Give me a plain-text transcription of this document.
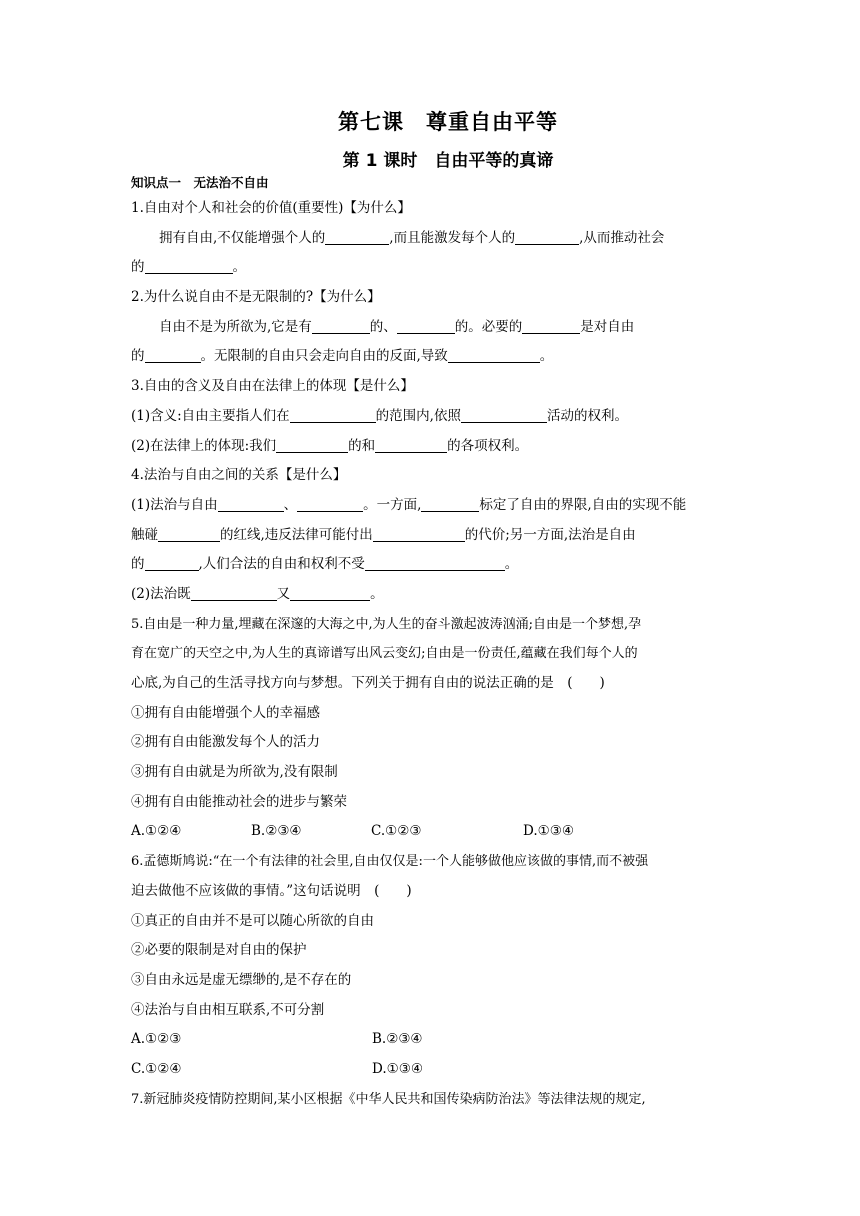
第七课　尊重自由平等
第 1 课时　自由平等的真谛
知识点一　无法治不自由
1.自由对个人和社会的价值(重要性)【为什么】
拥有自由,不仅能增强个人的	,而且能激发每个人的	,从而推动社会
的	。
2.为什么说自由不是无限制的?【为什么】
自由不是为所欲为,它是有	的、	的。必要的	是对自由
的	。无限制的自由只会走向自由的反面,导致	。
3.自由的含义及自由在法律上的体现【是什么】
(1)含义:自由主要指人们在	的范围内,依照	活动的权利。
(2)在法律上的体现:我们	的和	的各项权利。
4.法治与自由之间的关系【是什么】
(1)法治与自由	、	。一方面,	标定了自由的界限,自由的实现不能
触碰	的红线,违反法律可能付出	的代价;另一方面,法治是自由
的	,人们合法的自由和权利不受	。
(2)法治既	又	。
5.自由是一种力量,埋藏在深邃的大海之中,为人生的奋斗激起波涛汹涌;自由是一个梦想,孕
育在宽广的天空之中,为人生的真谛谱写出风云变幻;自由是一份责任,蕴藏在我们每个人的
心底,为自己的生活寻找方向与梦想。下列关于拥有自由的说法正确的是　(　　)
①拥有自由能增强个人的幸福感
②拥有自由能激发每个人的活力
③拥有自由就是为所欲为,没有限制
④拥有自由能推动社会的进步与繁荣
A.①②④	B.②③④	C.①②③	D.①③④
6.孟德斯鸠说:“在一个有法律的社会里,自由仅仅是:一个人能够做他应该做的事情,而不被强
迫去做他不应该做的事情。”这句话说明　(　　)
①真正的自由并不是可以随心所欲的自由
②必要的限制是对自由的保护
③自由永远是虚无缥缈的,是不存在的
④法治与自由相互联系,不可分割
A.①②③	B.②③④
C.①②④	D.①③④
7.新冠肺炎疫情防控期间,某小区根据《中华人民共和国传染病防治法》等法律法规的规定,
